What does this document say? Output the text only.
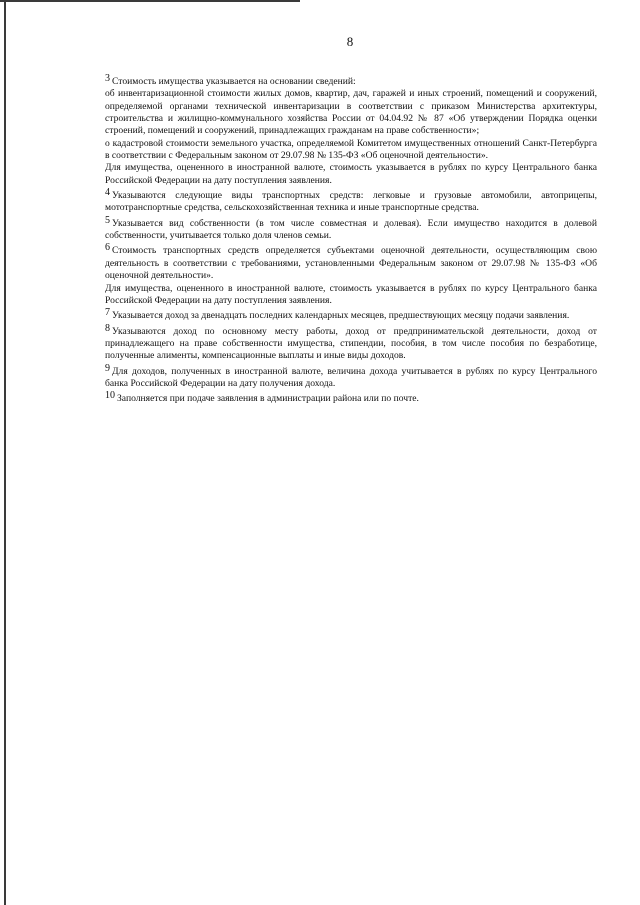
8

$^3$ Стоимость имущества указывается на основании сведений:

об инвентаризационной стоимости жилых домов, квартир, дач, гаражей и иных строений, помещений и сооружений, определяемой органами технической инвентаризации в соответствии с приказом Министерства архитектуры, строительства и жилищно-коммунального хозяйства России от 04.04.92 № 87 «Об утверждении Порядка оценки строений, помещений и сооружений, принадлежащих гражданам на праве собственности»;

о кадастровой стоимости земельного участка, определяемой Комитетом имущественных отношений Санкт-Петербурга в соответствии с Федеральным законом от 29.07.98 № 135-ФЗ «Об оценочной деятельности».

Для имущества, оцененного в иностранной валюте, стоимость указывается в рублях по курсу Центрального банка Российской Федерации на дату поступления заявления.

$^4$ Указываются следующие виды транспортных средств: легковые и грузовые автомобили, автоприцепы, мототранспортные средства, сельскохозяйственная техника и иные транспортные средства.

$^5$ Указывается вид собственности (в том числе совместная и долевая). Если имущество находится в долевой собственности, учитывается только доля членов семьи.

$^6$ Стоимость транспортных средств определяется субъектами оценочной деятельности, осуществляющим свою деятельность в соответствии с требованиями, установленными Федеральным законом от 29.07.98 № 135-ФЗ «Об оценочной деятельности».

Для имущества, оцененного в иностранной валюте, стоимость указывается в рублях по курсу Центрального банка Российской Федерации на дату поступления заявления.

$^7$ Указывается доход за двенадцать последних календарных месяцев, предшествующих месяцу подачи заявления.

$^8$ Указываются доход по основному месту работы, доход от предпринимательской деятельности, доход от принадлежащего на праве собственности имущества, стипендии, пособия, в том числе пособия по безработице, полученные алименты, компенсационные выплаты и иные виды доходов.

$^9$ Для доходов, полученных в иностранной валюте, величина дохода учитывается в рублях по курсу Центрального банка Российской Федерации на дату получения дохода.

$^{10}$ Заполняется при подаче заявления в администрации района или по почте.
